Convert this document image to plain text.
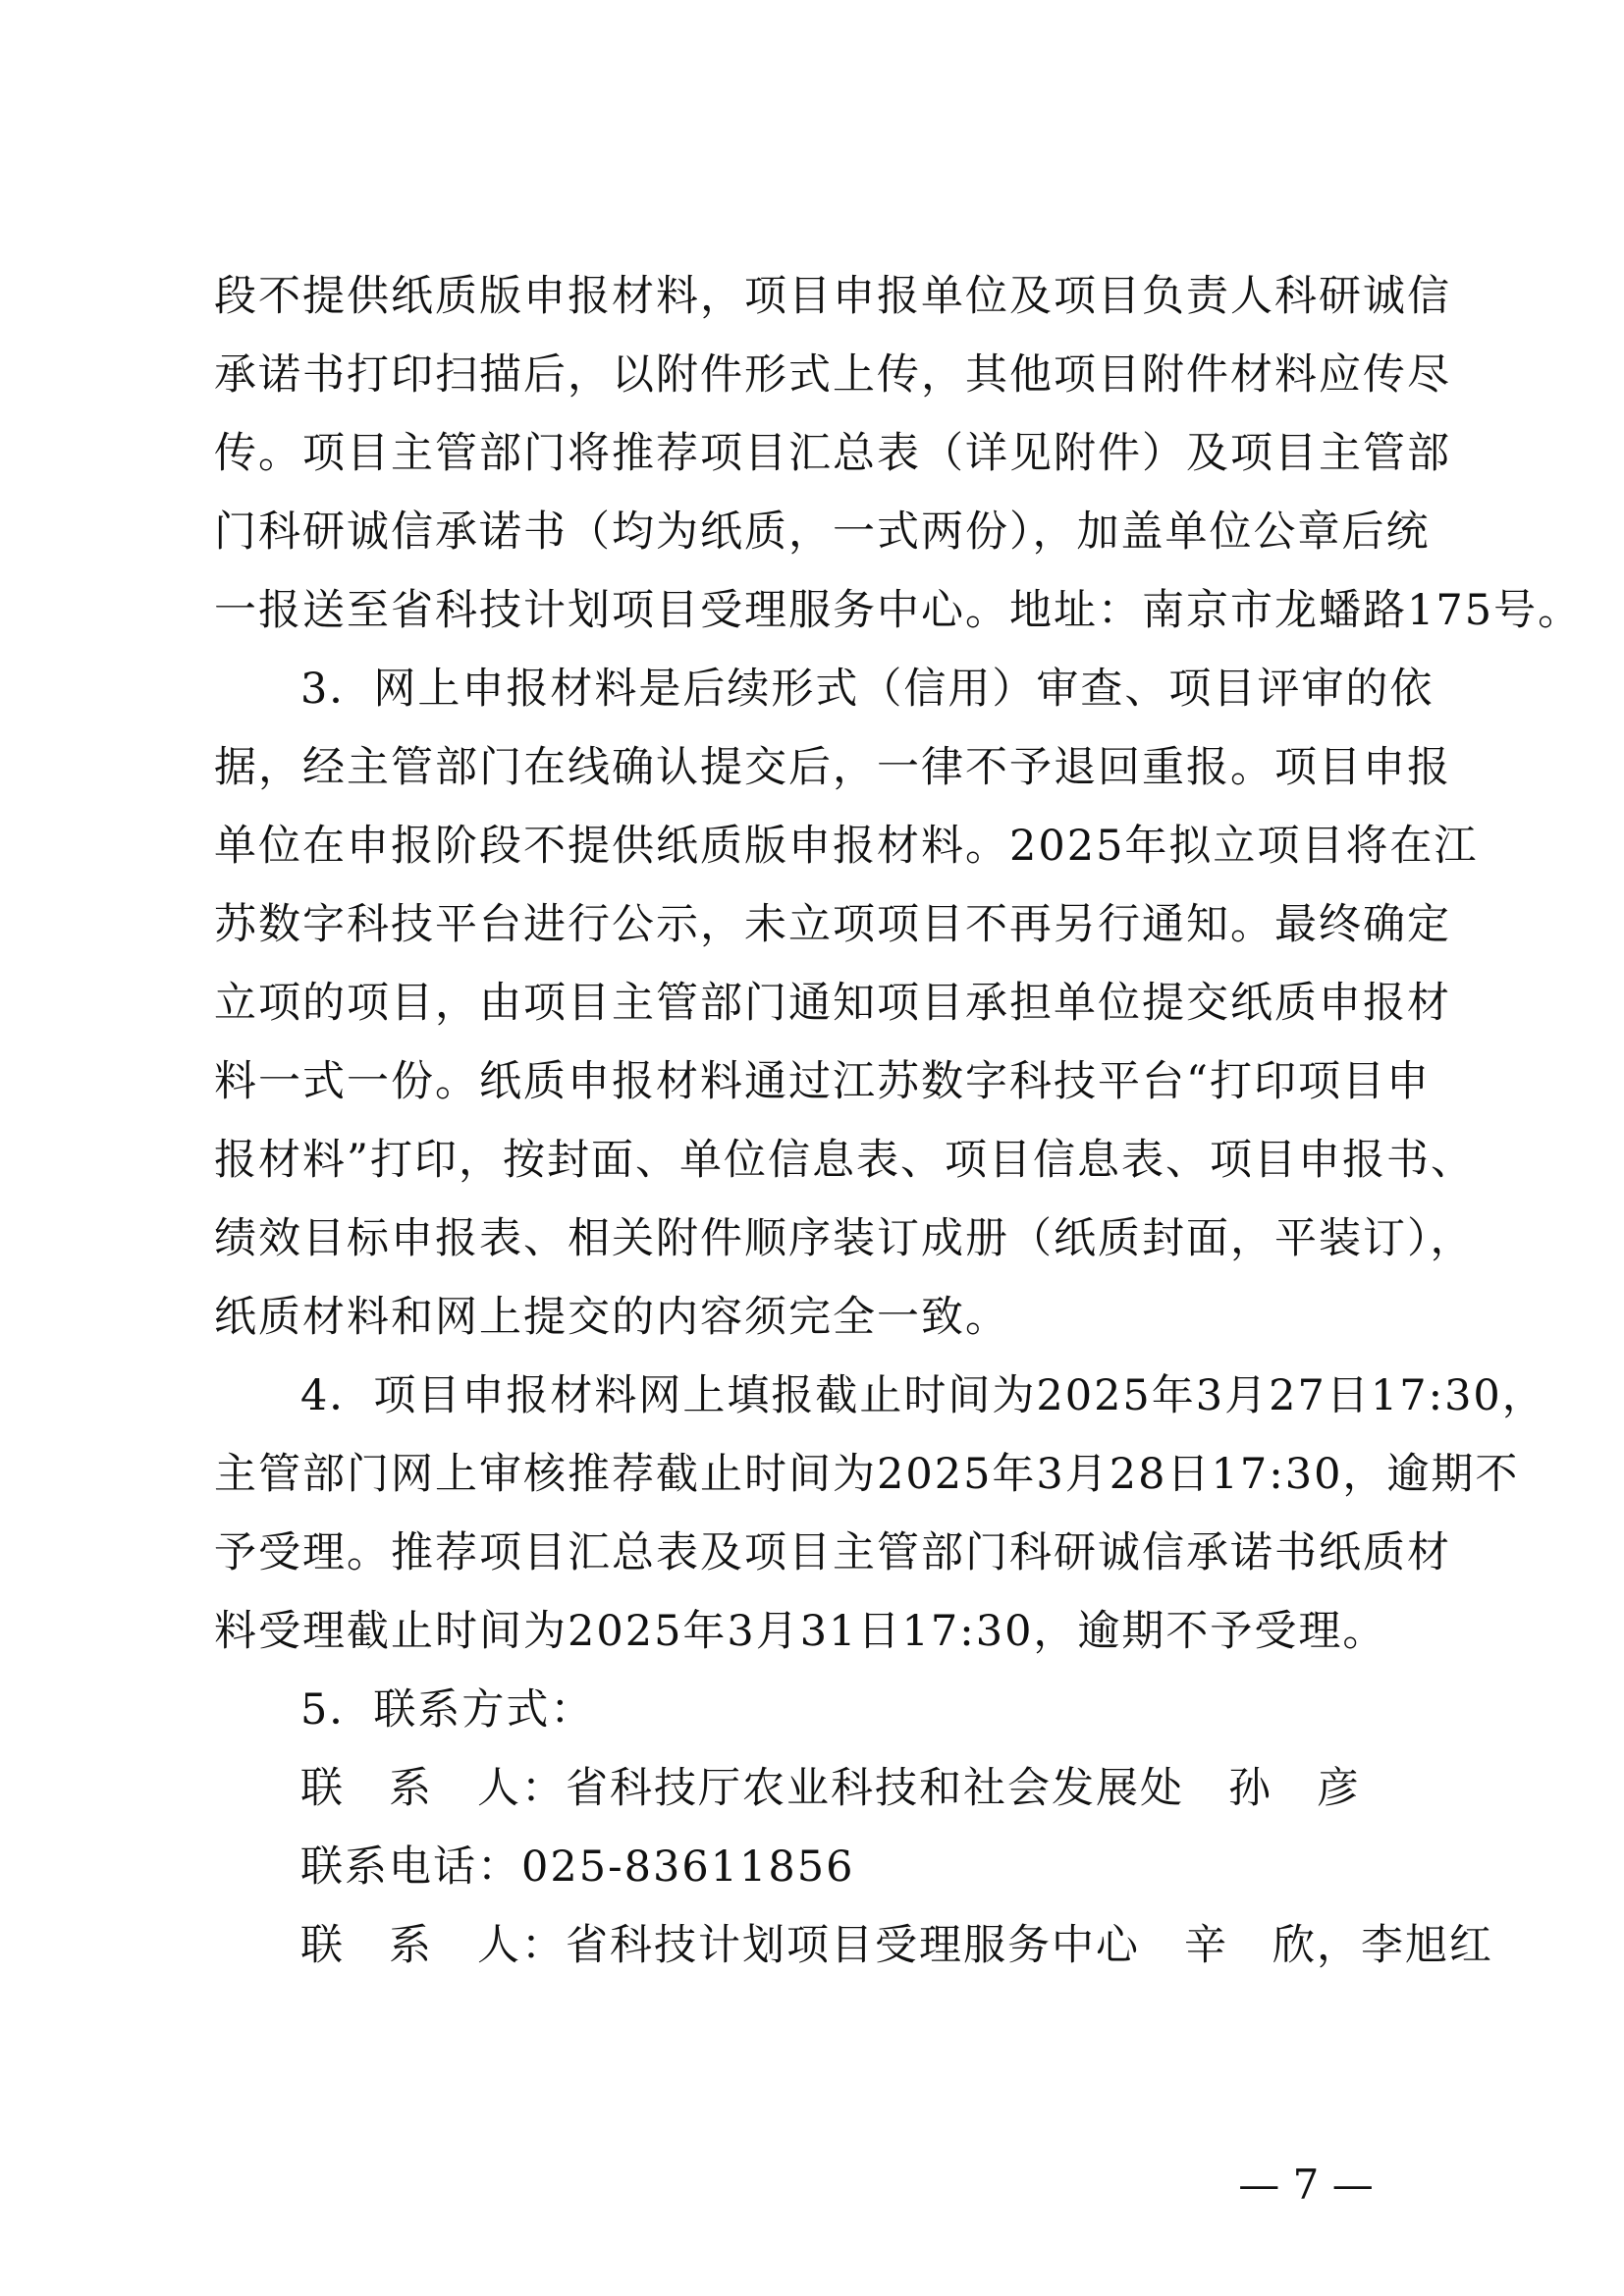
段不提供纸质版申报材料，项目申报单位及项目负责人科研诚信
承诺书打印扫描后，以附件形式上传，其他项目附件材料应传尽
传。项目主管部门将推荐项目汇总表（详见附件）及项目主管部
门科研诚信承诺书（均为纸质，一式两份），加盖单位公章后统
一报送至省科技计划项目受理服务中心。地址：南京市龙蟠路175号。
3．网上申报材料是后续形式（信用）审查、项目评审的依
据，经主管部门在线确认提交后，一律不予退回重报。项目申报
单位在申报阶段不提供纸质版申报材料。2025年拟立项目将在江
苏数字科技平台进行公示，未立项项目不再另行通知。最终确定
立项的项目，由项目主管部门通知项目承担单位提交纸质申报材
料一式一份。纸质申报材料通过江苏数字科技平台“打印项目申
报材料”打印，按封面、单位信息表、项目信息表、项目申报书、
绩效目标申报表、相关附件顺序装订成册（纸质封面，平装订），
纸质材料和网上提交的内容须完全一致。
4．项目申报材料网上填报截止时间为2025年3月27日17:30，
主管部门网上审核推荐截止时间为2025年3月28日17:30，逾期不
予受理。推荐项目汇总表及项目主管部门科研诚信承诺书纸质材
料受理截止时间为2025年3月31日17:30，逾期不予受理。
5．联系方式：
联　系　人：省科技厅农业科技和社会发展处　孙　彦
联系电话：025-83611856
联　系　人：省科技计划项目受理服务中心　辛　欣，李旭红
— 7 —
